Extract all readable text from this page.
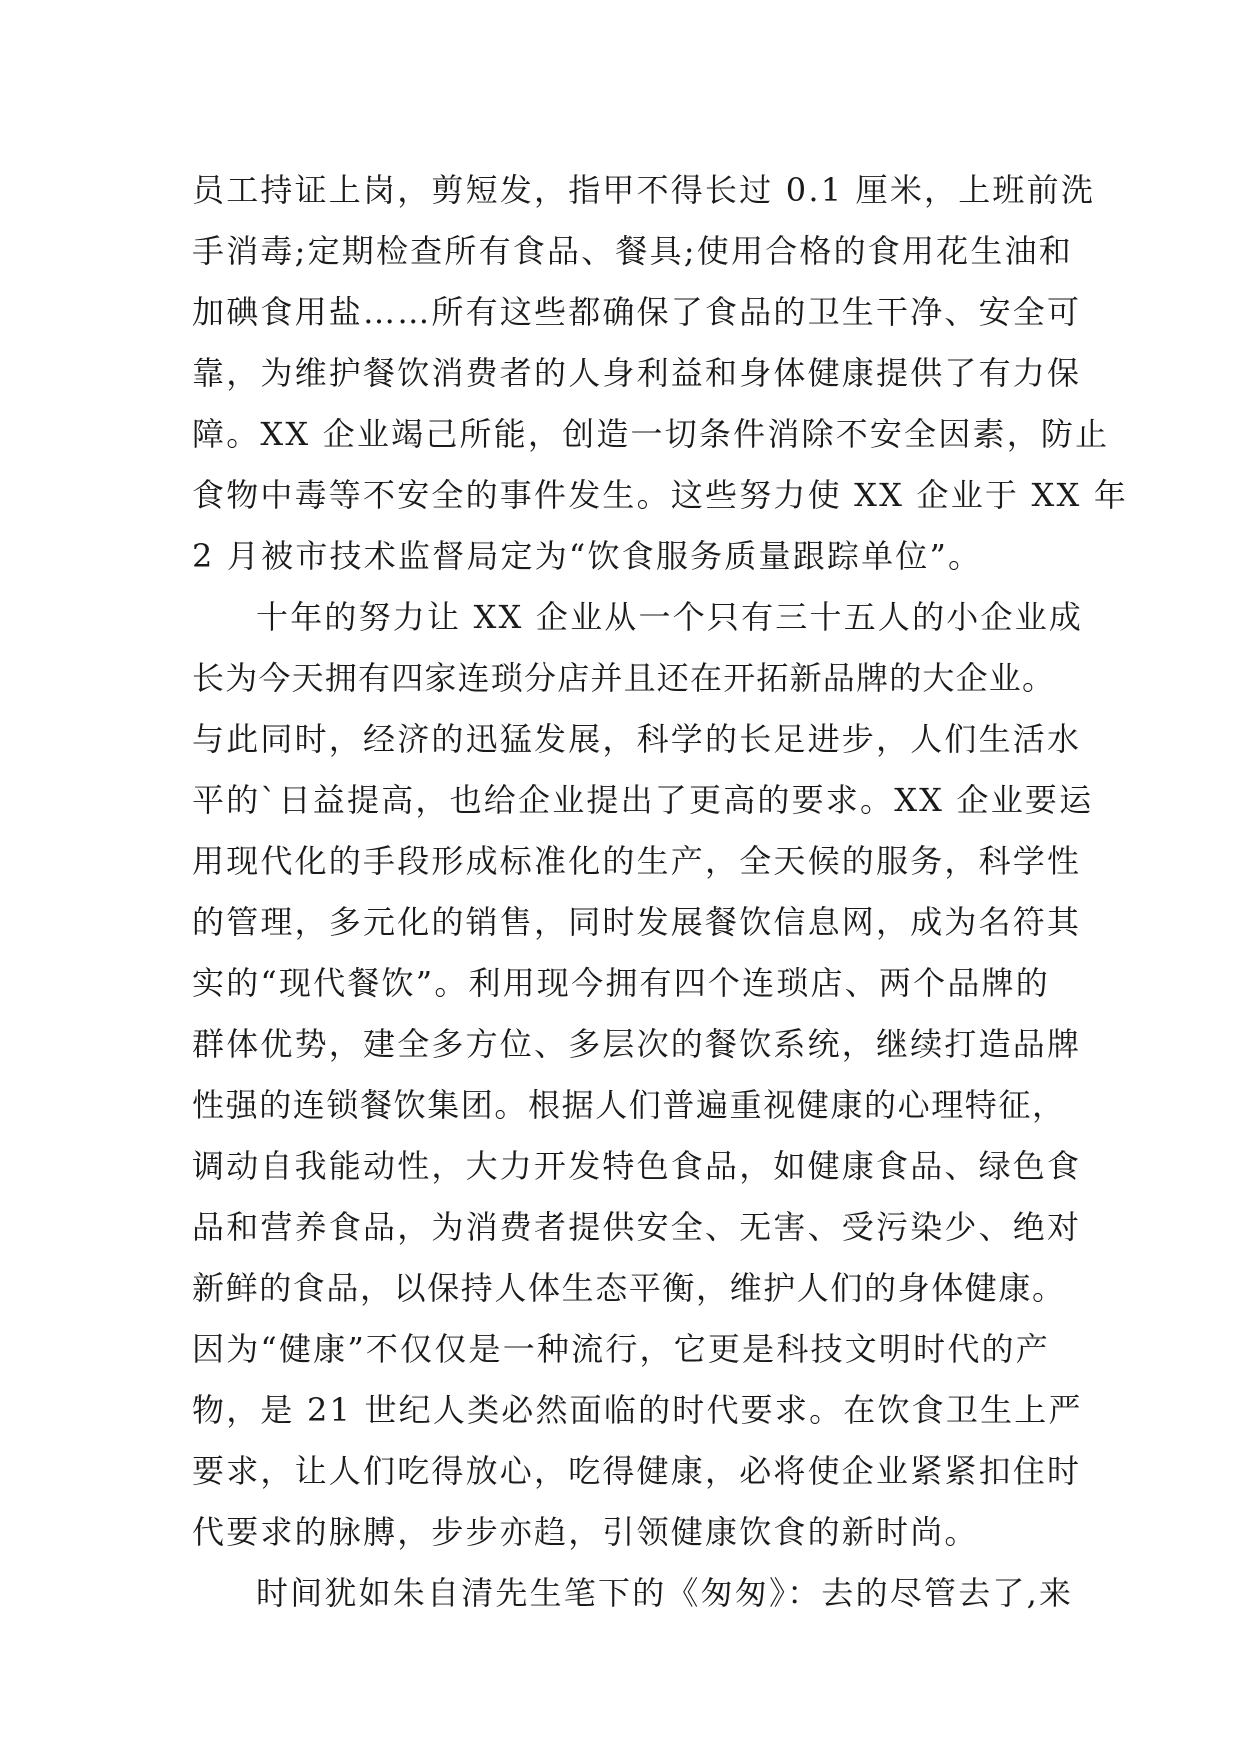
员工持证上岗，剪短发，指甲不得长过 0.1 厘米，上班前洗
手消毒;定期检查所有食品、餐具;使用合格的食用花生油和
加碘食用盐……所有这些都确保了食品的卫生干净、安全可
靠，为维护餐饮消费者的人身利益和身体健康提供了有力保
障。XX 企业竭己所能，创造一切条件消除不安全因素，防止
食物中毒等不安全的事件发生。这些努力使 XX 企业于 XX 年
2 月被市技术监督局定为“饮食服务质量跟踪单位”。
十年的努力让 XX 企业从一个只有三十五人的小企业成
长为今天拥有四家连琐分店并且还在开拓新品牌的大企业。
与此同时，经济的迅猛发展，科学的长足进步，人们生活水
平的`日益提高，也给企业提出了更高的要求。XX 企业要运
用现代化的手段形成标准化的生产，全天候的服务，科学性
的管理，多元化的销售，同时发展餐饮信息网，成为名符其
实的“现代餐饮”。利用现今拥有四个连琐店、两个品牌的
群体优势，建全多方位、多层次的餐饮系统，继续打造品牌
性强的连锁餐饮集团。根据人们普遍重视健康的心理特征，
调动自我能动性，大力开发特色食品，如健康食品、绿色食
品和营养食品，为消费者提供安全、无害、受污染少、绝对
新鲜的食品，以保持人体生态平衡，维护人们的身体健康。
因为“健康”不仅仅是一种流行，它更是科技文明时代的产
物，是 21 世纪人类必然面临的时代要求。在饮食卫生上严
要求，让人们吃得放心，吃得健康，必将使企业紧紧扣住时
代要求的脉膊，步步亦趋，引领健康饮食的新时尚。
时间犹如朱自清先生笔下的《匆匆》：去的尽管去了,来
